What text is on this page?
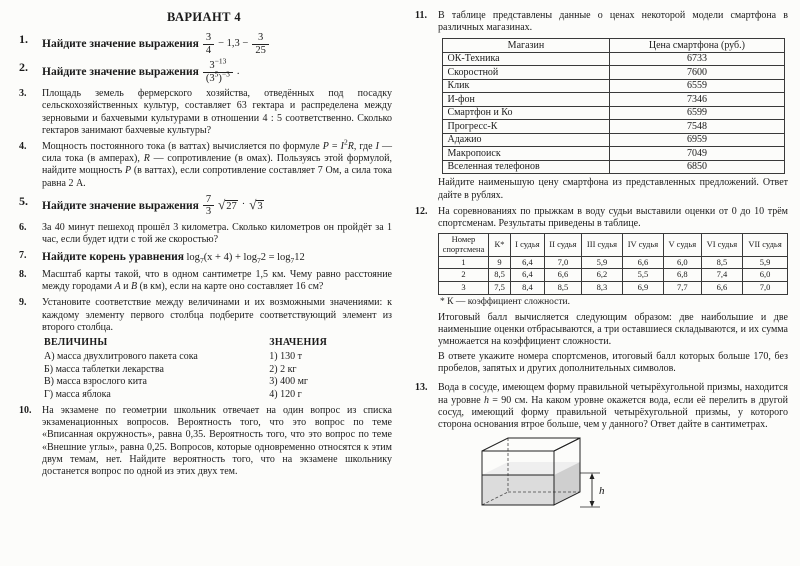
ВАРИАНТ 4
1.	Найдите значение выражения $\frac{3}{4} - 1,3 - \frac{3}{25}$
2.	Найдите значение выражения $\frac{3^{-13}}{(3^5)^{-3}}$ .
3.	Площадь земель фермерского хозяйства, отведённых под посадку сельскохозяйственных культур, составляет 63 гектара и распределена между зерновыми и бахчевыми культурами в отношении 4 : 5 соответственно. Сколько гектаров занимают бахчевые культуры?
4.	Мощность постоянного тока (в ваттах) вычисляется по формуле $P = I^2R$, где I — сила тока (в амперах), R — сопротивление (в омах). Пользуясь этой формулой, найдите мощность P (в ваттах), если сопротивление составляет 7 Ом, а сила тока равна 2 А.
5.	Найдите значение выражения $\frac{7}{3} √27 \cdot √3$
6.	За 40 минут пешеход прошёл 3 километра. Сколько километров он пройдёт за 1 час, если будет идти с той же скоростью?
7.	Найдите корень уравнения $\log_7(x + 4) + \log_72 = \log_712$
8.	Масштаб карты такой, что в одном сантиметре 1,5 км. Чему равно расстояние между городами А и В (в км), если на карте оно составляет 16 см?
9.	Установите соответствие между величинами и их возможными значениями: к каждому элементу первого столбца подберите соответствующий элемент из второго столбца.
ВЕЛИЧИНЫ
А) масса двухлитрового пакета сока
Б) масса таблетки лекарства
В) масса взрослого кита
Г) масса яблока
ЗНАЧЕНИЯ
1) 130 т
2) 2 кг
3) 400 мг
4) 120 г
10.	На экзамене по геометрии школьник отвечает на один вопрос из списка экзаменационных вопросов. Вероятность того, что это вопрос по теме «Вписанная окружность», равна 0,35. Вероятность того, что это вопрос по теме «Внешние углы», равна 0,25. Вопросов, которые одновременно относятся к этим двум темам, нет. Найдите вероятность того, что на экзамене школьнику достанется вопрос по одной из этих двух тем.
11.	В таблице представлены данные о ценах некоторой модели смартфона в различных магазинах.
Магазин	Цена смартфона (руб.)
ОК-Техника	6733
Скоростной	7600
Клик	6559
И-фон	7346
Смартфон и Ко	6599
Прогресс-К	7548
Адажио	6959
Макропоиск	7049
Вселенная телефонов	6850
Найдите наименьшую цену смартфона из представленных предложений. Ответ дайте в рублях.
12.	На соревнованиях по прыжкам в воду судьи выставили оценки от 0 до 10 трём спортсменам. Результаты приведены в таблице.
Номер спортсмена	К*	I судья	II судья	III судья	IV судья	V судья	VI судья	VII судья
1	9	6,4	7,0	5,9	6,6	6,0	8,5	5,9
2	8,5	6,4	6,6	6,2	5,5	6,8	7,4	6,0
3	7,5	8,4	8,5	8,3	6,9	7,7	6,6	7,0
* К — коэффициент сложности.
Итоговый балл вычисляется следующим образом: две наибольшие и две наименьшие оценки отбрасываются, а три оставшиеся складываются, и их сумма умножается на коэффициент сложности.
В ответе укажите номера спортсменов, итоговый балл которых больше 170, без пробелов, запятых и других дополнительных символов.
13.	Вода в сосуде, имеющем форму правильной четырёхугольной призмы, находится на уровне h = 90 см. На каком уровне окажется вода, если её перелить в другой сосуд, имеющий форму правильной четырёхугольной призмы, у которого сторона основания втрое больше, чем у данного? Ответ дайте в сантиметрах.
h
